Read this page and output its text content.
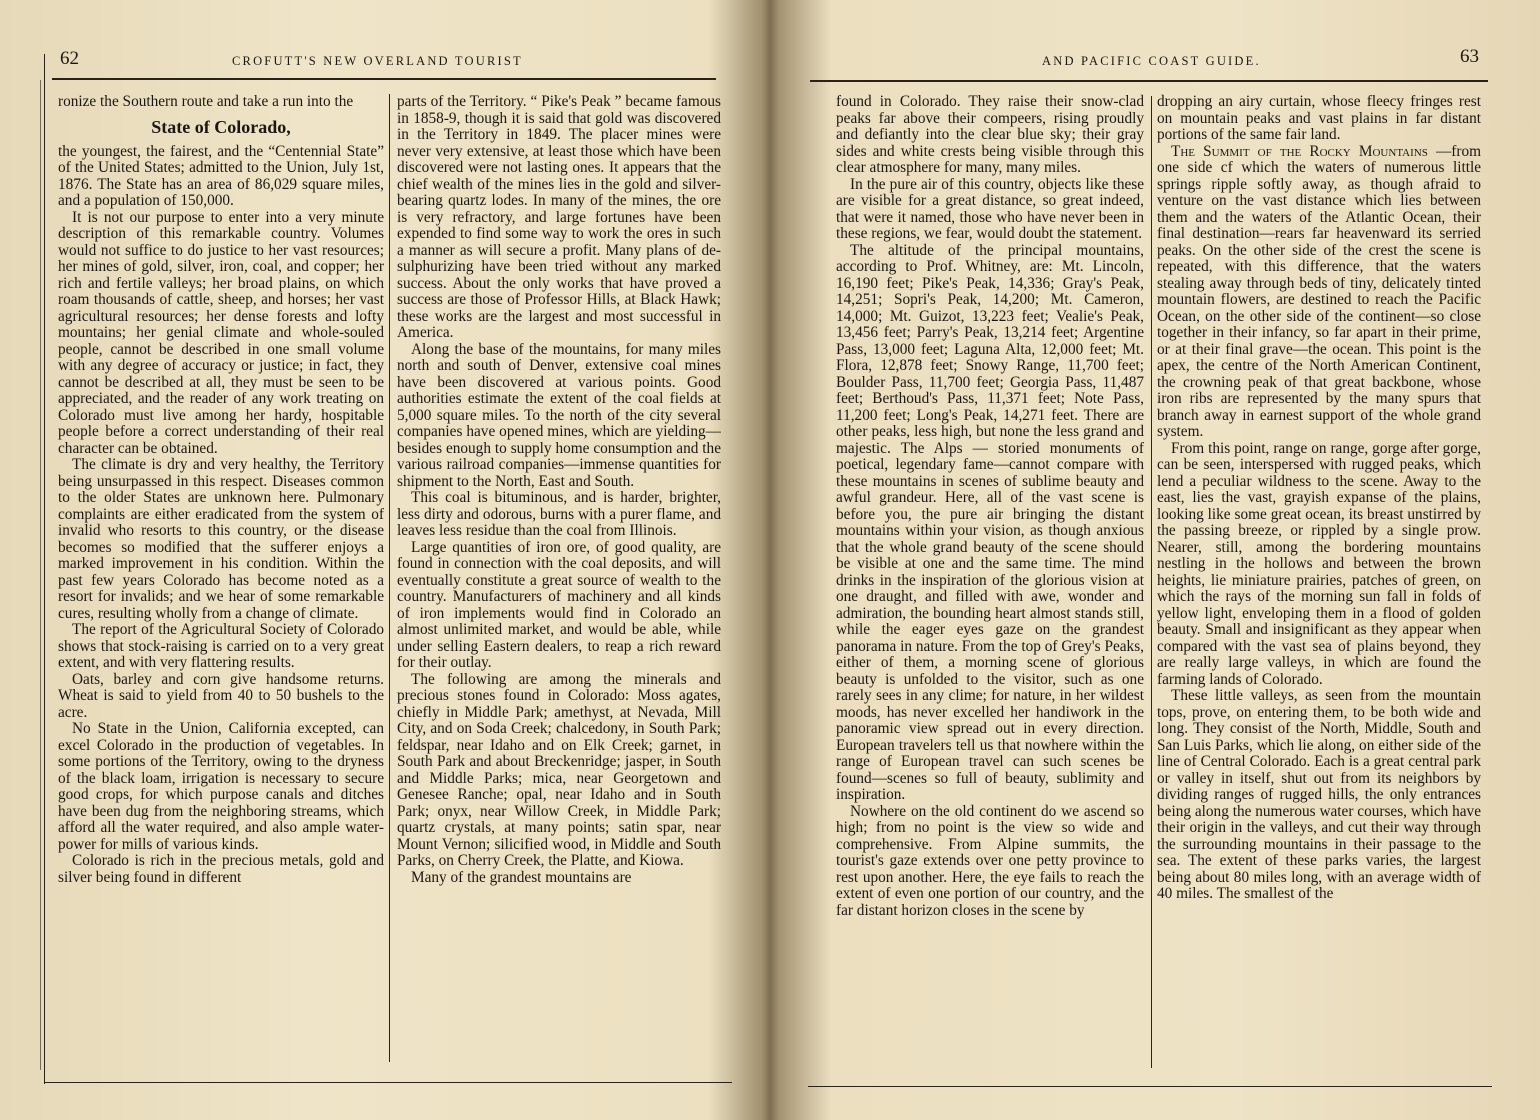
62	CROFUTT'S NEW OVERLAND TOURIST

ronize the Southern route and take a run into the

State of Colorado,

the youngest, the fairest, and the “Centennial State” of the United States; admitted to the Union, July 1st, 1876. The State has an area of 86,029 square miles, and a population of 150,000.

It is not our purpose to enter into a very minute description of this remarkable country. Volumes would not suffice to do justice to her vast resources; her mines of gold, silver, iron, coal, and copper; her rich and fertile valleys; her broad plains, on which roam thousands of cattle, sheep, and horses; her vast agricultural resources; her dense forests and lofty mountains; her genial climate and whole-souled people, cannot be described in one small volume with any degree of accuracy or justice; in fact, they cannot be described at all, they must be seen to be appreciated, and the reader of any work treating on Colorado must live among her hardy, hospitable people before a correct understanding of their real character can be obtained.

The climate is dry and very healthy, the Territory being unsurpassed in this respect. Diseases common to the older States are unknown here. Pulmonary complaints are either eradicated from the system of invalid who resorts to this country, or the disease becomes so modified that the sufferer enjoys a marked improvement in his condition. Within the past few years Colorado has become noted as a resort for invalids; and we hear of some remarkable cures, resulting wholly from a change of climate.

The report of the Agricultural Society of Colorado shows that stock-raising is carried on to a very great extent, and with very flattering results.

Oats, barley and corn give handsome returns. Wheat is said to yield from 40 to 50 bushels to the acre.

No State in the Union, California excepted, can excel Colorado in the production of vegetables. In some portions of the Territory, owing to the dryness of the black loam, irrigation is necessary to secure good crops, for which purpose canals and ditches have been dug from the neighboring streams, which afford all the water required, and also ample water-power for mills of various kinds.

Colorado is rich in the precious metals, gold and silver being found in different

parts of the Territory. “ Pike's Peak ” became famous in 1858-9, though it is said that gold was discovered in the Territory in 1849. The placer mines were never very extensive, at least those which have been discovered were not lasting ones. It appears that the chief wealth of the mines lies in the gold and silver-bearing quartz lodes. In many of the mines, the ore is very refractory, and large fortunes have been expended to find some way to work the ores in such a manner as will secure a profit. Many plans of de-sulphurizing have been tried without any marked success. About the only works that have proved a success are those of Professor Hills, at Black Hawk; these works are the largest and most successful in America.

Along the base of the mountains, for many miles north and south of Denver, extensive coal mines have been discovered at various points. Good authorities estimate the extent of the coal fields at 5,000 square miles. To the north of the city several companies have opened mines, which are yielding—besides enough to supply home consumption and the various railroad companies—immense quantities for shipment to the North, East and South.

This coal is bituminous, and is harder, brighter, less dirty and odorous, burns with a purer flame, and leaves less residue than the coal from Illinois.

Large quantities of iron ore, of good quality, are found in connection with the coal deposits, and will eventually constitute a great source of wealth to the country. Manufacturers of machinery and all kinds of iron implements would find in Colorado an almost unlimited market, and would be able, while under selling Eastern dealers, to reap a rich reward for their outlay.

The following are among the minerals and precious stones found in Colorado: Moss agates, chiefly in Middle Park; amethyst, at Nevada, Mill City, and on Soda Creek; chalcedony, in South Park; feldspar, near Idaho and on Elk Creek; garnet, in South Park and about Breckenridge; jasper, in South and Middle Parks; mica, near Georgetown and Genesee Ranche; opal, near Idaho and in South Park; onyx, near Willow Creek, in Middle Park; quartz crystals, at many points; satin spar, near Mount Vernon; silicified wood, in Middle and South Parks, on Cherry Creek, the Platte, and Kiowa.

Many of the grandest mountains are

AND PACIFIC COAST GUIDE.	63

found in Colorado. They raise their snow-clad peaks far above their compeers, rising proudly and defiantly into the clear blue sky; their gray sides and white crests being visible through this clear atmosphere for many, many miles.

In the pure air of this country, objects like these are visible for a great distance, so great indeed, that were it named, those who have never been in these regions, we fear, would doubt the statement.

The altitude of the principal mountains, according to Prof. Whitney, are: Mt. Lincoln, 16,190 feet; Pike's Peak, 14,336; Gray's Peak, 14,251; Sopri's Peak, 14,200; Mt. Cameron, 14,000; Mt. Guizot, 13,223 feet; Vealie's Peak, 13,456 feet; Parry's Peak, 13,214 feet; Argentine Pass, 13,000 feet; Laguna Alta, 12,000 feet; Mt. Flora, 12,878 feet; Snowy Range, 11,700 feet; Boulder Pass, 11,700 feet; Georgia Pass, 11,487 feet; Berthoud's Pass, 11,371 feet; Note Pass, 11,200 feet; Long's Peak, 14,271 feet. There are other peaks, less high, but none the less grand and majestic. The Alps — storied monuments of poetical, legendary fame—cannot compare with these mountains in scenes of sublime beauty and awful grandeur. Here, all of the vast scene is before you, the pure air bringing the distant mountains within your vision, as though anxious that the whole grand beauty of the scene should be visible at one and the same time. The mind drinks in the inspiration of the glorious vision at one draught, and filled with awe, wonder and admiration, the bounding heart almost stands still, while the eager eyes gaze on the grandest panorama in nature. From the top of Grey's Peaks, either of them, a morning scene of glorious beauty is unfolded to the visitor, such as one rarely sees in any clime; for nature, in her wildest moods, has never excelled her handiwork in the panoramic view spread out in every direction. European travelers tell us that nowhere within the range of European travel can such scenes be found—scenes so full of beauty, sublimity and inspiration.

Nowhere on the old continent do we ascend so high; from no point is the view so wide and comprehensive. From Alpine summits, the tourist's gaze extends over one petty province to rest upon another. Here, the eye fails to reach the extent of even one portion of our country, and the far distant horizon closes in the scene by

dropping an airy curtain, whose fleecy fringes rest on mountain peaks and vast plains in far distant portions of the same fair land.

The Summit of the Rocky Mountains —from one side cf which the waters of numerous little springs ripple softly away, as though afraid to venture on the vast distance which lies between them and the waters of the Atlantic Ocean, their final destination—rears far heavenward its serried peaks. On the other side of the crest the scene is repeated, with this difference, that the waters stealing away through beds of tiny, delicately tinted mountain flowers, are destined to reach the Pacific Ocean, on the other side of the continent—so close together in their infancy, so far apart in their prime, or at their final grave—the ocean. This point is the apex, the centre of the North American Continent, the crowning peak of that great backbone, whose iron ribs are represented by the many spurs that branch away in earnest support of the whole grand system.

From this point, range on range, gorge after gorge, can be seen, interspersed with rugged peaks, which lend a peculiar wildness to the scene. Away to the east, lies the vast, grayish expanse of the plains, looking like some great ocean, its breast unstirred by the passing breeze, or rippled by a single prow. Nearer, still, among the bordering mountains nestling in the hollows and between the brown heights, lie miniature prairies, patches of green, on which the rays of the morning sun fall in folds of yellow light, enveloping them in a flood of golden beauty. Small and insignificant as they appear when compared with the vast sea of plains beyond, they are really large valleys, in which are found the farming lands of Colorado.

These little valleys, as seen from the mountain tops, prove, on entering them, to be both wide and long. They consist of the North, Middle, South and San Luis Parks, which lie along, on either side of the line of Central Colorado. Each is a great central park or valley in itself, shut out from its neighbors by dividing ranges of rugged hills, the only entrances being along the numerous water courses, which have their origin in the valleys, and cut their way through the surrounding mountains in their passage to the sea. The extent of these parks varies, the largest being about 80 miles long, with an average width of 40 miles. The smallest of the
